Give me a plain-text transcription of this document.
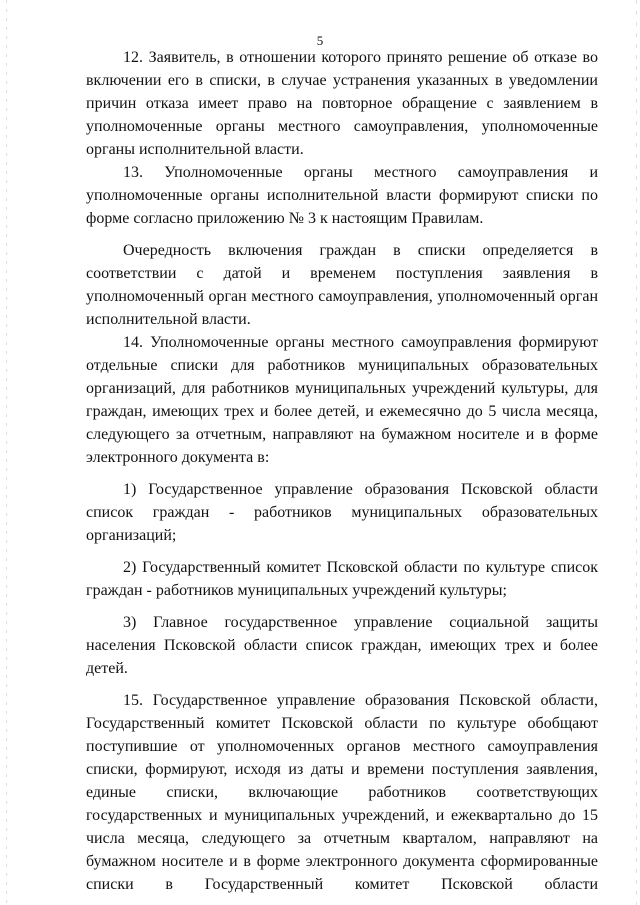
5

12. Заявитель, в отношении которого принято решение об отказе во включении его в списки, в случае устранения указанных в уведомлении причин отказа имеет право на повторное обращение с заявлением в уполномоченные органы местного самоуправления, уполномоченные органы исполнительной власти.

13. Уполномоченные органы местного самоуправления и уполномоченные органы исполнительной власти формируют списки по форме согласно приложению № 3 к настоящим Правилам.

Очередность включения граждан в списки определяется в соответствии с датой и временем поступления заявления в уполномоченный орган местного самоуправления, уполномоченный орган исполнительной власти.

14. Уполномоченные органы местного самоуправления формируют отдельные списки для работников муниципальных образовательных организаций, для работников муниципальных учреждений культуры, для граждан, имеющих трех и более детей, и ежемесячно до 5 числа месяца, следующего за отчетным, направляют на бумажном носителе и в форме электронного документа в:

1) Государственное управление образования Псковской области список граждан - работников муниципальных образовательных организаций;

2) Государственный комитет Псковской области по культуре список граждан - работников муниципальных учреждений культуры;

3) Главное государственное управление социальной защиты населения Псковской области список граждан, имеющих трех и более детей.

15. Государственное управление образования Псковской области, Государственный комитет Псковской области по культуре обобщают поступившие от уполномоченных органов местного самоуправления списки, формируют, исходя из даты и времени поступления заявления, единые списки, включающие работников соответствующих государственных и муниципальных учреждений, и ежеквартально до 15 числа месяца, следующего за отчетным кварталом, направляют на бумажном носителе и в форме электронного документа сформированные списки в Государственный комитет Псковской области
